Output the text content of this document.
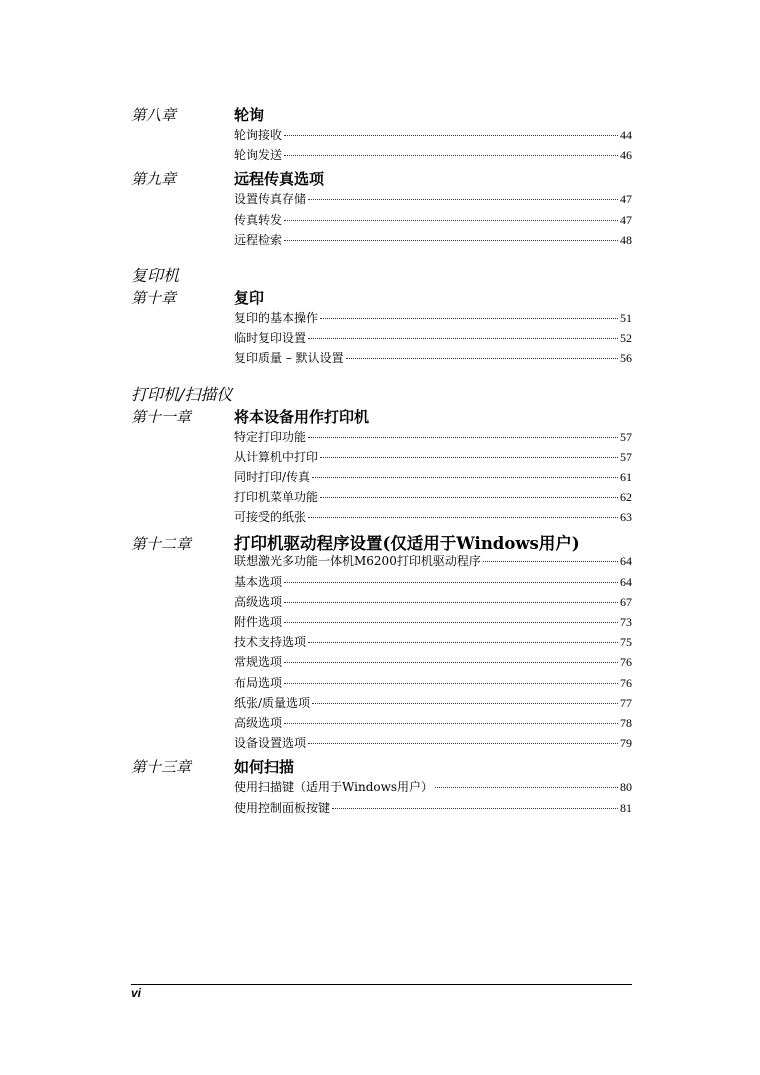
第八章	轮询
轮询接收	44
轮询发送	46
第九章	远程传真选项
设置传真存储	47
传真转发	47
远程检索	48
复印机
第十章	复印
复印的基本操作	51
临时复印设置	52
复印质量 – 默认设置	56
打印机/扫描仪
第十一章	将本设备用作打印机
特定打印功能	57
从计算机中打印	57
同时打印/传真	61
打印机菜单功能	62
可接受的纸张	63
第十二章	打印机驱动程序设置(仅适用于Windows用户)
联想激光多功能一体机M6200打印机驱动程序	64
基本选项	64
高级选项	67
附件选项	73
技术支持选项	75
常规选项	76
布局选项	76
纸张/质量选项	77
高级选项	78
设备设置选项	79
第十三章	如何扫描
使用扫描键（适用于Windows用户）	80
使用控制面板按键	81
vi
